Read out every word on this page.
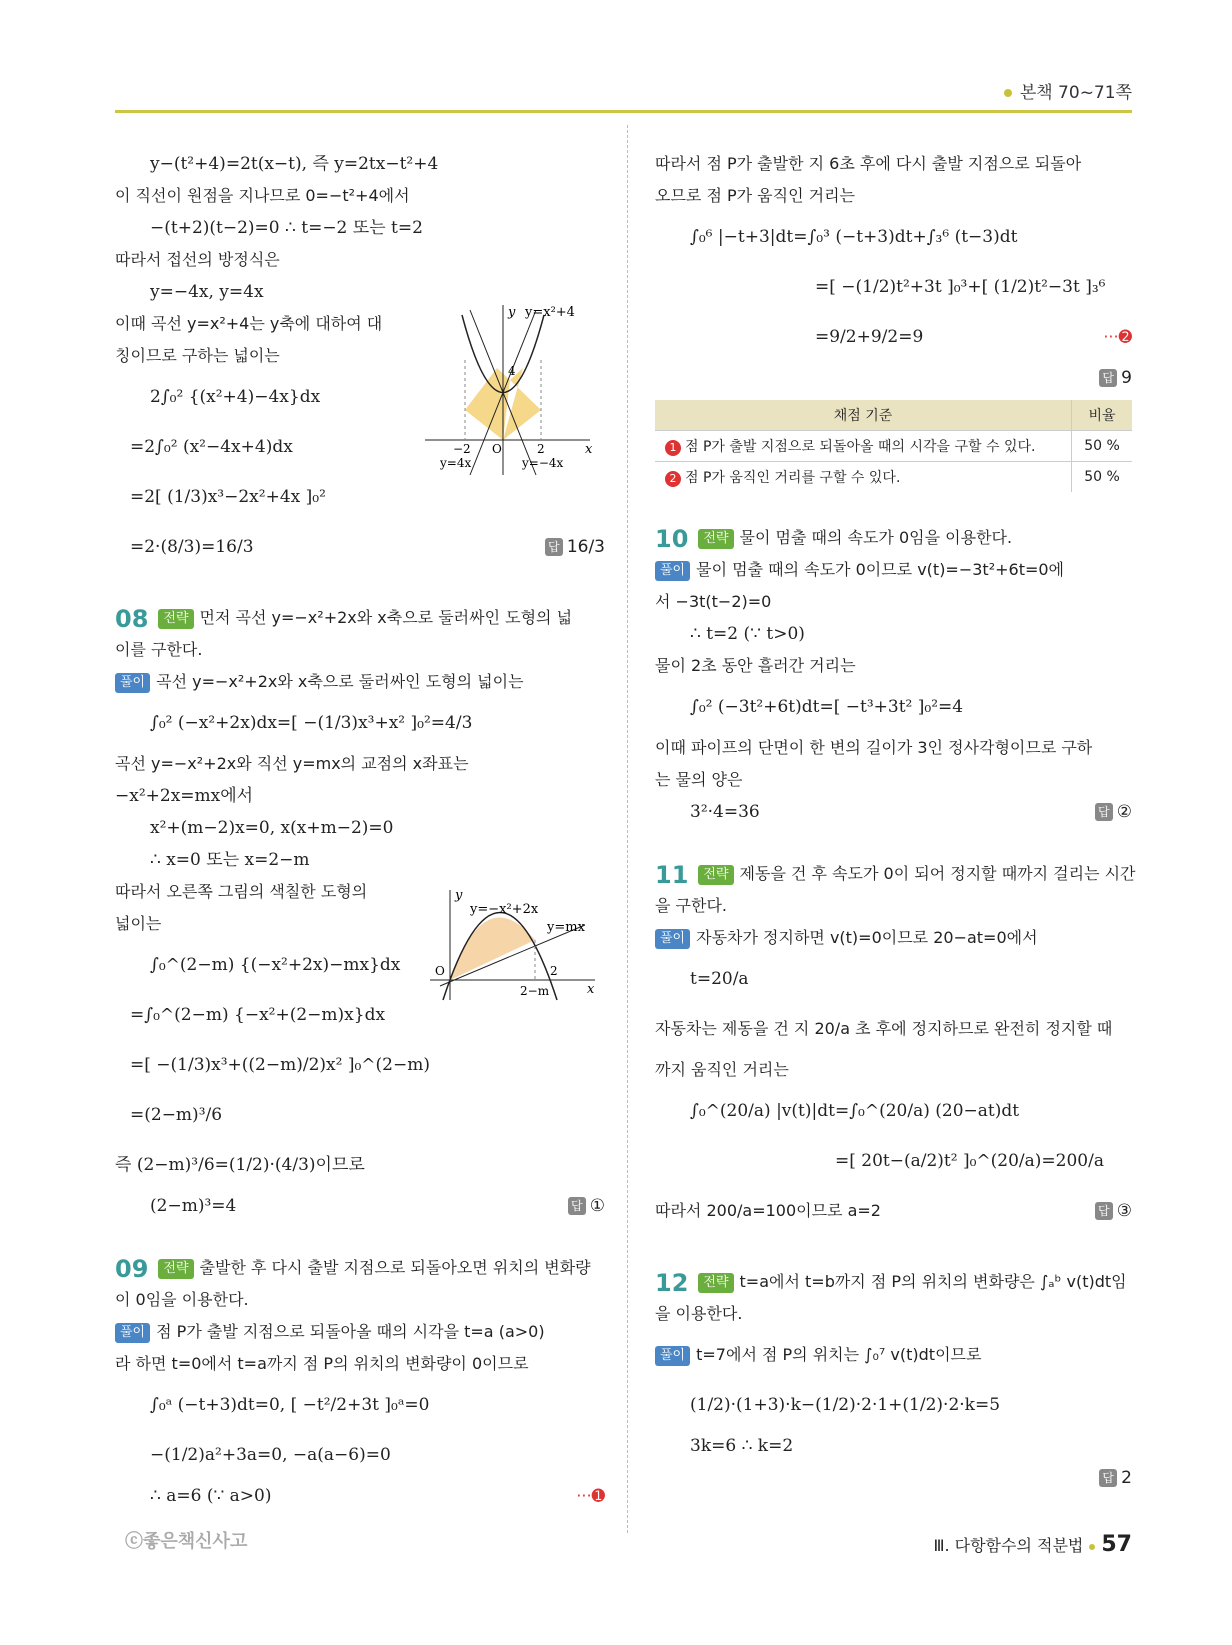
본책 70~71쪽
y−(t²+4)=2t(x−t), 즉 y=2tx−t²+4
이 직선이 원점을 지나므로 0=−t²+4에서
−(t+2)(t−2)=0 ∴ t=−2 또는 t=2
따라서 접선의 방정식은
y=−4x, y=4x
이때 곡선 y=x²+4는 y축에 대하여 대
칭이므로 구하는 넓이는
2∫₀² {(x²+4)−4x}dx
=2∫₀² (x²−4x+4)dx
=2[ (1/3)x³−2x²+4x ]₀²
=2·(8/3)=16/3	답 16/3
08 전략 먼저 곡선 y=−x²+2x와 x축으로 둘러싸인 도형의 넓
이를 구한다.
풀이 곡선 y=−x²+2x와 x축으로 둘러싸인 도형의 넓이는
∫₀² (−x²+2x)dx=[ −(1/3)x³+x² ]₀²=4/3
곡선 y=−x²+2x와 직선 y=mx의 교점의 x좌표는
−x²+2x=mx에서
x²+(m−2)x=0, x(x+m−2)=0
∴ x=0 또는 x=2−m
따라서 오른쪽 그림의 색칠한 도형의
넓이는
∫₀^(2−m) {(−x²+2x)−mx}dx
=∫₀^(2−m) {−x²+(2−m)x}dx
=[ −(1/3)x³+((2−m)/2)x² ]₀^(2−m)
=(2−m)³/6
즉 (2−m)³/6=(1/2)·(4/3)이므로
(2−m)³=4	답 ①
09 전략 출발한 후 다시 출발 지점으로 되돌아오면 위치의 변화량
이 0임을 이용한다.
풀이 점 P가 출발 지점으로 되돌아올 때의 시각을 t=a (a>0)
라 하면 t=0에서 t=a까지 점 P의 위치의 변화량이 0이므로
∫₀ᵃ (−t+3)dt=0, [ −t²/2+3t ]₀ᵃ=0
−(1/2)a²+3a=0, −a(a−6)=0
∴ a=6 (∵ a>0)	···➊
y
x
y=x²+4
4
−2 O	2
y=4x	y=−4x
y
x
y=−x²+2x
y=mx
O	2
2−m
따라서 점 P가 출발한 지 6초 후에 다시 출발 지점으로 되돌아
오므로 점 P가 움직인 거리는
∫₀⁶ |−t+3|dt=∫₀³ (−t+3)dt+∫₃⁶ (t−3)dt
=[ −(1/2)t²+3t ]₀³+[ (1/2)t²−3t ]₃⁶
=9/2+9/2=9	···➋
답 9
채점 기준	비율
1 점 P가 출발 지점으로 되돌아올 때의 시각을 구할 수 있다.	50 %
2 점 P가 움직인 거리를 구할 수 있다.	50 %
10 전략 물이 멈출 때의 속도가 0임을 이용한다.
풀이 물이 멈출 때의 속도가 0이므로 v(t)=−3t²+6t=0에
서 −3t(t−2)=0
∴ t=2 (∵ t>0)
물이 2초 동안 흘러간 거리는
∫₀² (−3t²+6t)dt=[ −t³+3t² ]₀²=4
이때 파이프의 단면이 한 변의 길이가 3인 정사각형이므로 구하
는 물의 양은
3²·4=36	답 ②
11 전략 제동을 건 후 속도가 0이 되어 정지할 때까지 걸리는 시간
을 구한다.
풀이 자동차가 정지하면 v(t)=0이므로 20−at=0에서
t=20/a
자동차는 제동을 건 지 20/a 초 후에 정지하므로 완전히 정지할 때
까지 움직인 거리는
∫₀^(20/a) |v(t)|dt=∫₀^(20/a) (20−at)dt
=[ 20t−(a/2)t² ]₀^(20/a)=200/a
따라서 200/a=100이므로 a=2	답 ③
12 전략 t=a에서 t=b까지 점 P의 위치의 변화량은 ∫ₐᵇ v(t)dt임
을 이용한다.
풀이 t=7에서 점 P의 위치는 ∫₀⁷ v(t)dt이므로
(1/2)·(1+3)·k−(1/2)·2·1+(1/2)·2·k=5
3k=6 ∴ k=2
답 2
ⓒ좋은책신사고	Ⅲ. 다항함수의 적분법 57
